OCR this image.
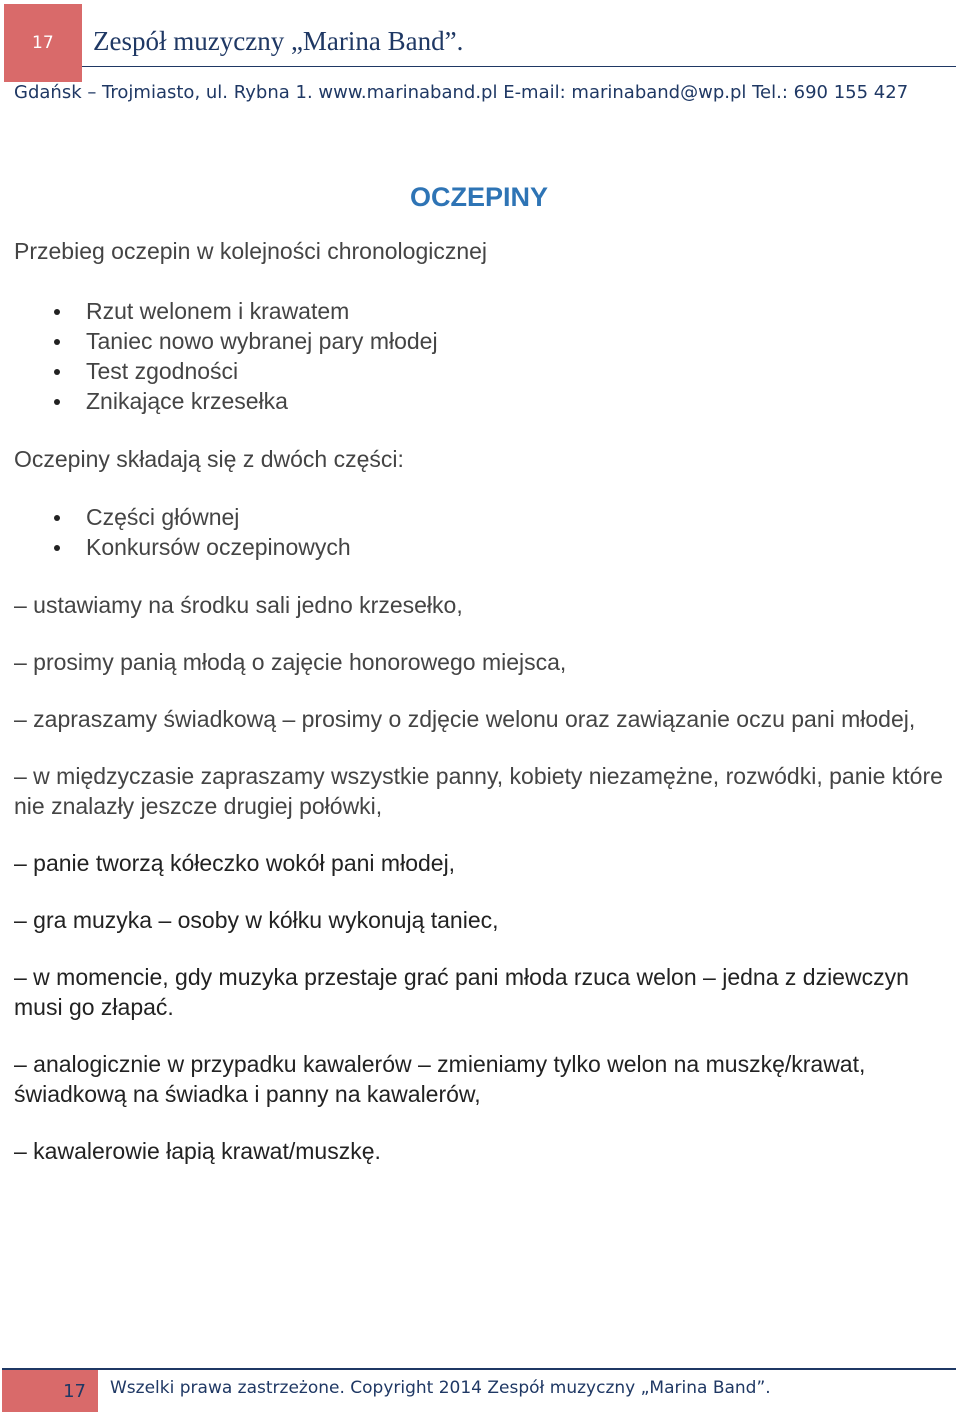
17 Zespół muzyczny „Marina Band”.
Gdańsk – Trojmiasto, ul. Rybna 1. www.marinaband.pl E-mail: marinaband@wp.pl Tel.: 690 155 427
OCZEPINY
Przebieg oczepin w kolejności chronologicznej
Rzut welonem i krawatem
Taniec nowo wybranej pary młodej
Test zgodności
Znikające krzesełka
Oczepiny składają się z dwóch części:
Części głównej
Konkursów oczepinowych
– ustawiamy na środku sali jedno krzesełko,
– prosimy panią młodą o zajęcie honorowego miejsca,
– zapraszamy świadkową – prosimy o zdjęcie welonu oraz zawiązanie oczu pani młodej,
– w międzyczasie zapraszamy wszystkie panny, kobiety niezamężne, rozwódki, panie które nie znalazły jeszcze drugiej połówki,
– panie tworzą kółeczko wokół pani młodej,
– gra muzyka – osoby w kółku wykonują taniec,
– w momencie, gdy muzyka przestaje grać pani młoda rzuca welon – jedna z dziewczyn musi go złapać.
– analogicznie w przypadku kawalerów – zmieniamy tylko welon na muszkę/krawat, świadkową na świadka i panny na kawalerów,
– kawalerowie łapią krawat/muszkę.
17 Wszelki prawa zastrzeżone. Copyright 2014 Zespół muzyczny „Marina Band”.
